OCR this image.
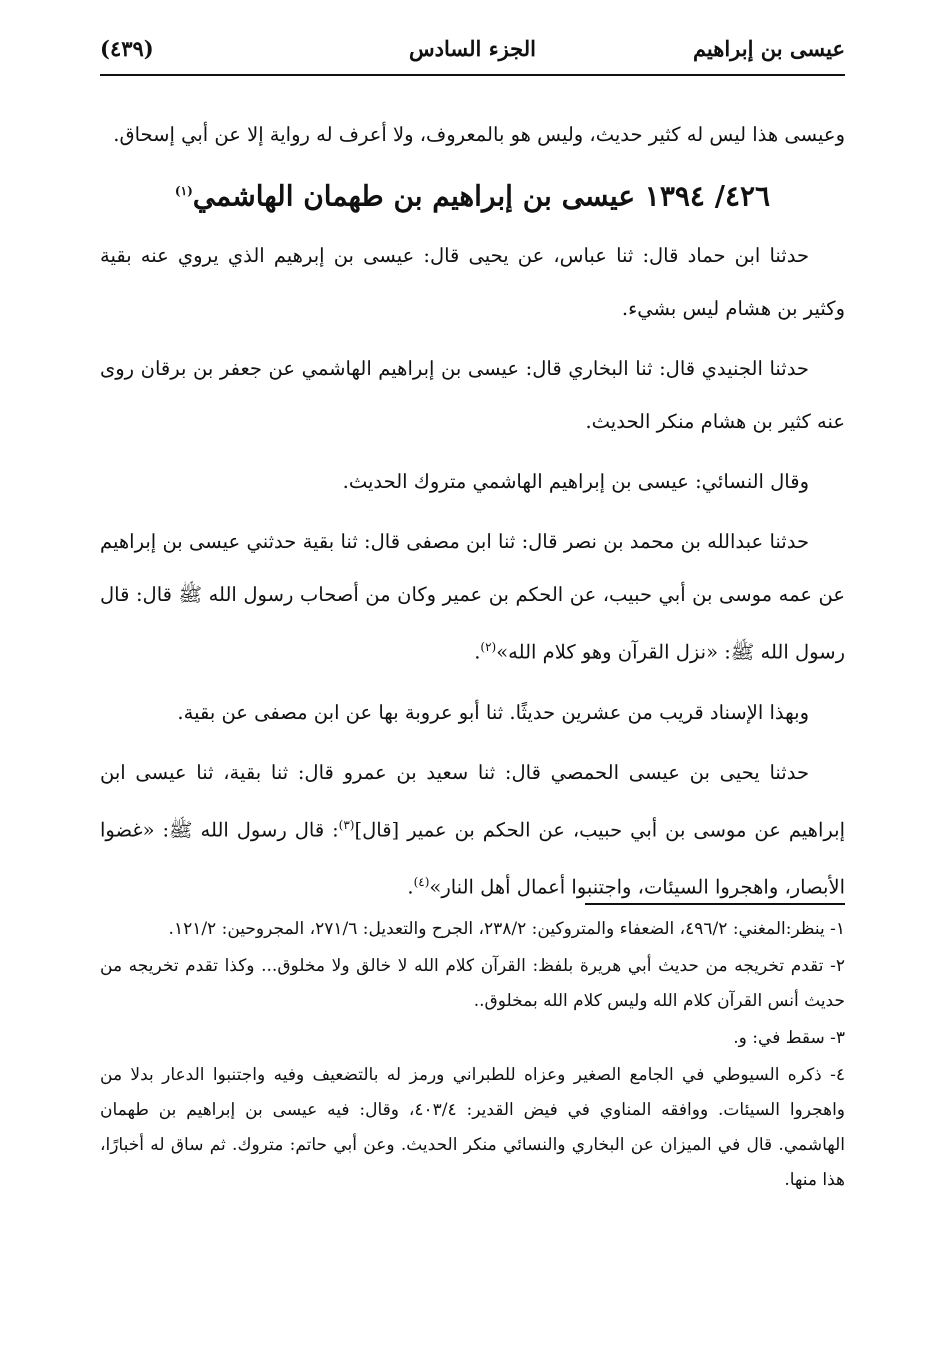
عيسى بن إبراهيم
الجزء السادس
(٤٣٩)

وعيسى هذا ليس له كثير حديث، وليس هو بالمعروف، ولا أعرف له رواية إلا عن أبي إسحاق.

٤٢٦/ ١٣٩٤ عيسى بن إبراهيم بن طهمان الهاشمي$^{(١)}$

حدثنا ابن حماد قال: ثنا عباس، عن يحيى قال: عيسى بن إبرهيم الذي يروي عنه بقية وكثير بن هشام ليس بشيء.

حدثنا الجنيدي قال: ثنا البخاري قال: عيسى بن إبراهيم الهاشمي عن جعفر بن برقان روى عنه كثير بن هشام منكر الحديث.

وقال النسائي: عيسى بن إبراهيم الهاشمي متروك الحديث.

حدثنا عبدالله بن محمد بن نصر قال: ثنا ابن مصفى قال: ثنا بقية حدثني عيسى بن إبراهيم عن عمه موسى بن أبي حبيب، عن الحكم بن عمير وكان من أصحاب رسول الله ﷺ قال: قال رسول الله ﷺ: «نزل القرآن وهو كلام الله»$^{(٢)}$.

وبهذا الإسناد قريب من عشرين حديثًا. ثنا أبو عروبة بها عن ابن مصفى عن بقية.

حدثنا يحيى بن عيسى الحمصي قال: ثنا سعيد بن عمرو قال: ثنا بقية، ثنا عيسى ابن إبراهيم عن موسى بن أبي حبيب، عن الحكم بن عمير [قال]$^{(٣)}$: قال رسول الله ﷺ: «غضوا الأبصار، واهجروا السيئات، واجتنبوا أعمال أهل النار»$^{(٤)}$.

١- ينظر:المغني: ٤٩٦/٢، الضعفاء والمتروكين: ٢٣٨/٢، الجرح والتعديل: ٢٧١/٦، المجروحين: ١٢١/٢.

٢- تقدم تخريجه من حديث أبي هريرة بلفظ: القرآن كلام الله لا خالق ولا مخلوق... وكذا تقدم تخريجه من حديث أنس القرآن كلام الله وليس كلام الله بمخلوق..

٣- سقط في: و.

٤- ذكره السيوطي في الجامع الصغير وعزاه للطبراني ورمز له بالتضعيف وفيه واجتنبوا الدعار بدلا من واهجروا السيئات. ووافقه المناوي في فيض القدير: ٤٠٣/٤، وقال: فيه عيسى بن إبراهيم بن طهمان الهاشمي. قال في الميزان عن البخاري والنسائي منكر الحديث. وعن أبي حاتم: متروك. ثم ساق له أخبارًا، هذا منها.
